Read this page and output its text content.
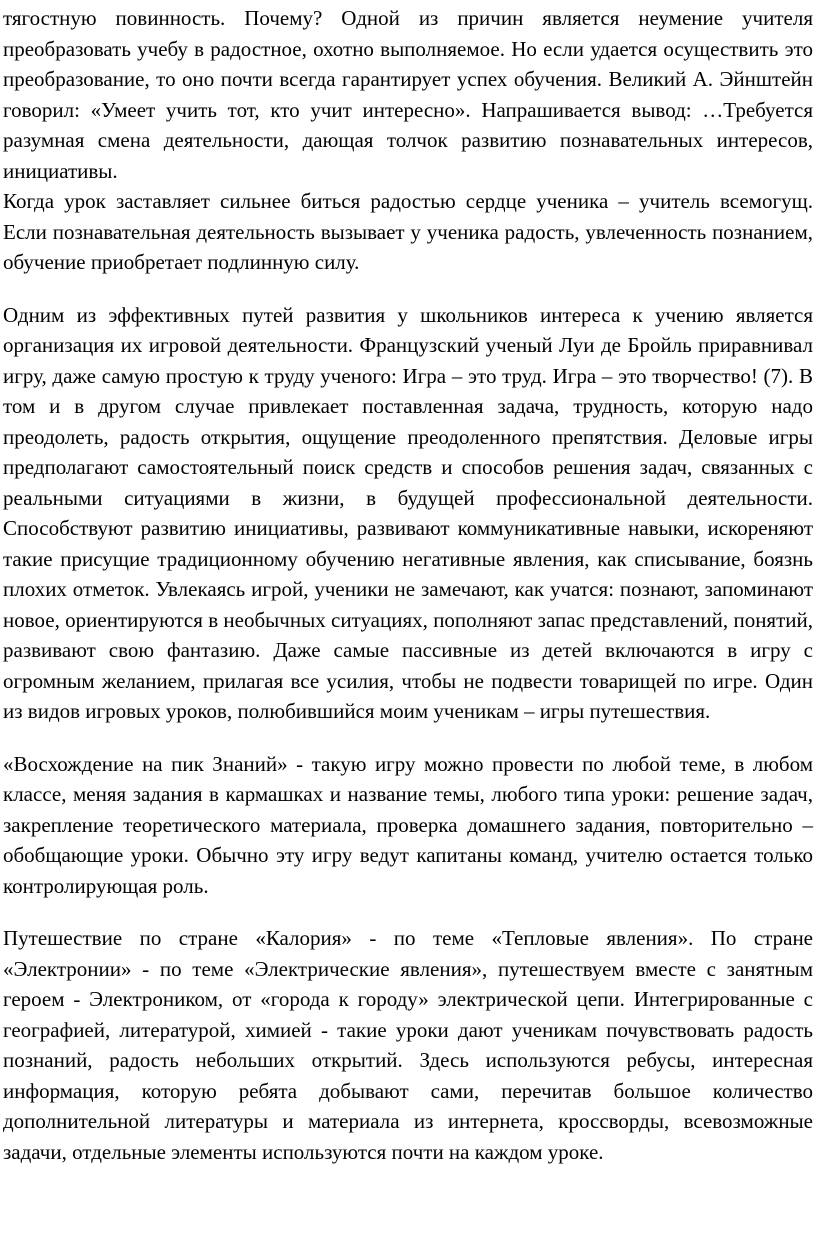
тягостную повинность. Почему? Одной из причин является неумение учителя преобразовать учебу в радостное, охотно выполняемое. Но если удается осуществить это преобразование, то оно почти всегда гарантирует успех обучения. Великий А. Эйнштейн говорил: «Умеет учить тот, кто учит интересно». Напрашивается вывод: …Требуется разумная смена деятельности, дающая толчок развитию познавательных интересов, инициативы.

Когда урок заставляет сильнее биться радостью сердце ученика – учитель всемогущ. Если познавательная деятельность вызывает у ученика радость, увлеченность познанием, обучение приобретает подлинную силу.

Одним из эффективных путей развития у школьников интереса к учению является организация их игровой деятельности. Французский ученый Луи де Бройль приравнивал игру, даже самую простую к труду ученого: Игра – это труд. Игра – это творчество! (7). В том и в другом случае привлекает поставленная задача, трудность, которую надо преодолеть, радость открытия, ощущение преодоленного препятствия. Деловые игры предполагают самостоятельный поиск средств и способов решения задач, связанных с реальными ситуациями в жизни, в будущей профессиональной деятельности. Способствуют развитию инициативы, развивают коммуникативные навыки, искореняют такие присущие традиционному обучению негативные явления, как списывание, боязнь плохих отметок. Увлекаясь игрой, ученики не замечают, как учатся: познают, запоминают новое, ориентируются в необычных ситуациях, пополняют запас представлений, понятий, развивают свою фантазию. Даже самые пассивные из детей включаются в игру с огромным желанием, прилагая все усилия, чтобы не подвести товарищей по игре. Один из видов игровых уроков, полюбившийся моим ученикам – игры путешествия.

«Восхождение на пик Знаний» - такую игру можно провести по любой теме, в любом классе, меняя задания в кармашках и название темы, любого типа уроки: решение задач, закрепление теоретического материала, проверка домашнего задания, повторительно – обобщающие уроки. Обычно эту игру ведут капитаны команд, учителю остается только контролирующая роль.

Путешествие по стране «Калория» - по теме «Тепловые явления». По стране «Электронии» - по теме «Электрические явления», путешествуем вместе с занятным героем - Электроником, от «города к городу» электрической цепи. Интегрированные с географией, литературой, химией - такие уроки дают ученикам почувствовать радость познаний, радость небольших открытий. Здесь используются ребусы, интересная информация, которую ребята добывают сами, перечитав большое количество дополнительной литературы и материала из интернета, кроссворды, всевозможные задачи, отдельные элементы используются почти на каждом уроке.
